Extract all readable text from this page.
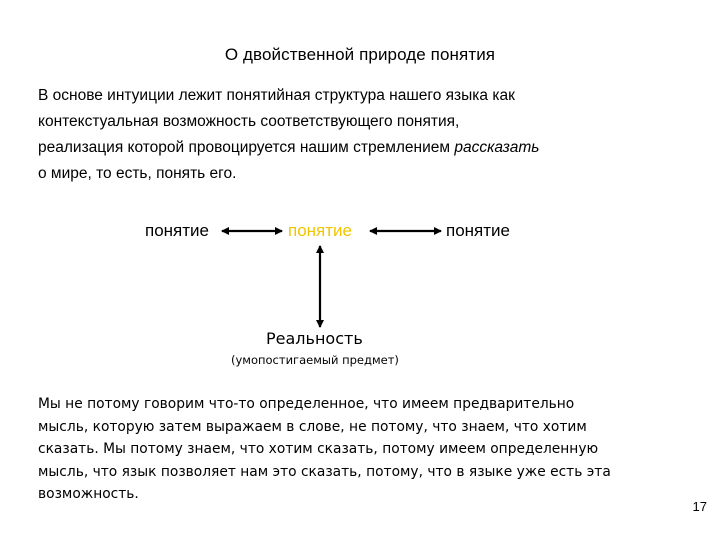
О двойственной природе понятия

В основе интуиции лежит понятийная структура нашего языка как

контекстуальная возможность соответствующего понятия,

реализация которой провоцируется нашим стремлением рассказать

о мире, то есть, понять его.

понятие	понятие	понятие
Реальность
(умопостигаемый предмет)

Мы не потому говорим что-то определенное, что имеем предварительно

мысль, которую затем выражаем в слове, не потому, что знаем, что хотим

сказать. Мы потому знаем, что хотим сказать, потому имеем определенную

мысль, что язык позволяет нам это сказать, потому, что в языке уже есть эта

возможность.

17
